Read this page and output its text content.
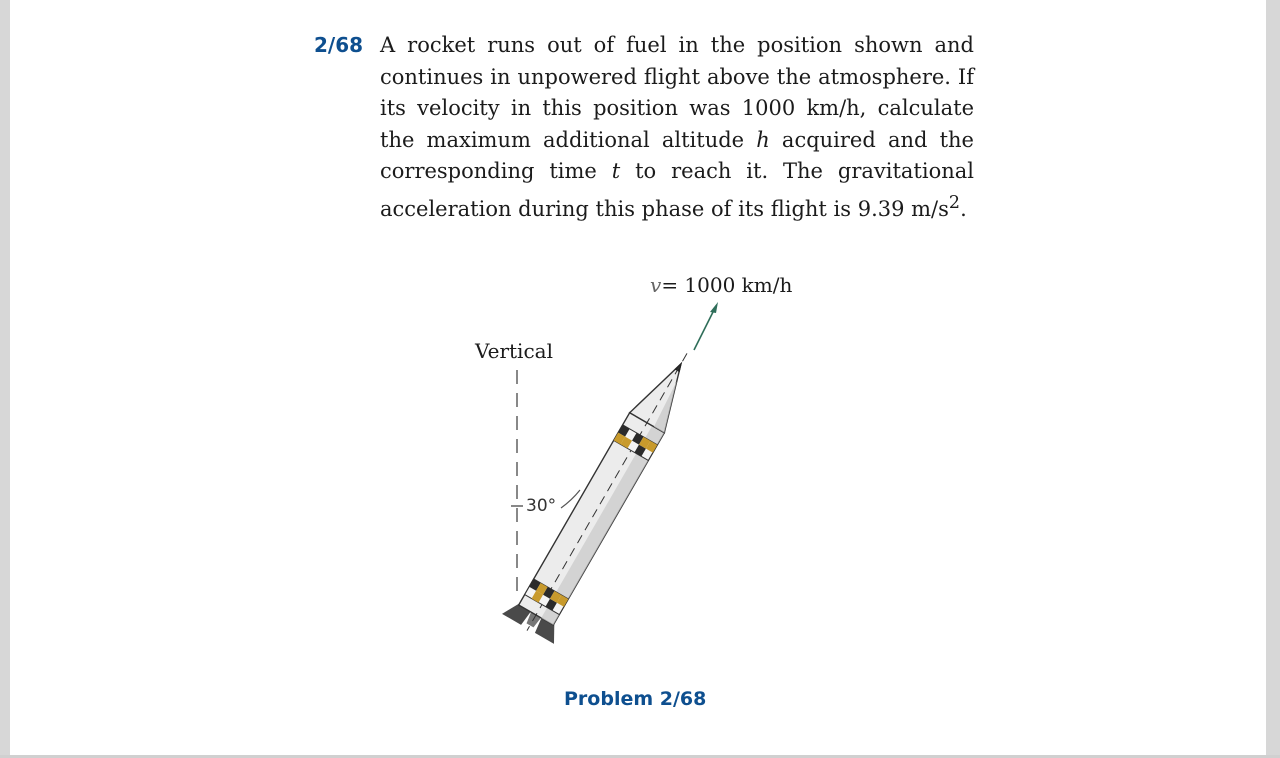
2/68 A rocket runs out of fuel in the position shown and continues in unpowered flight above the atmosphere. If its velocity in this position was 1000 km/h, calculate the maximum additional altitude h acquired and the corresponding time t to reach it. The gravitational acceleration during this phase of its flight is 9.39 $m/s^2$.
v= 1000 km/h
Vertical
30°
Problem 2/68
